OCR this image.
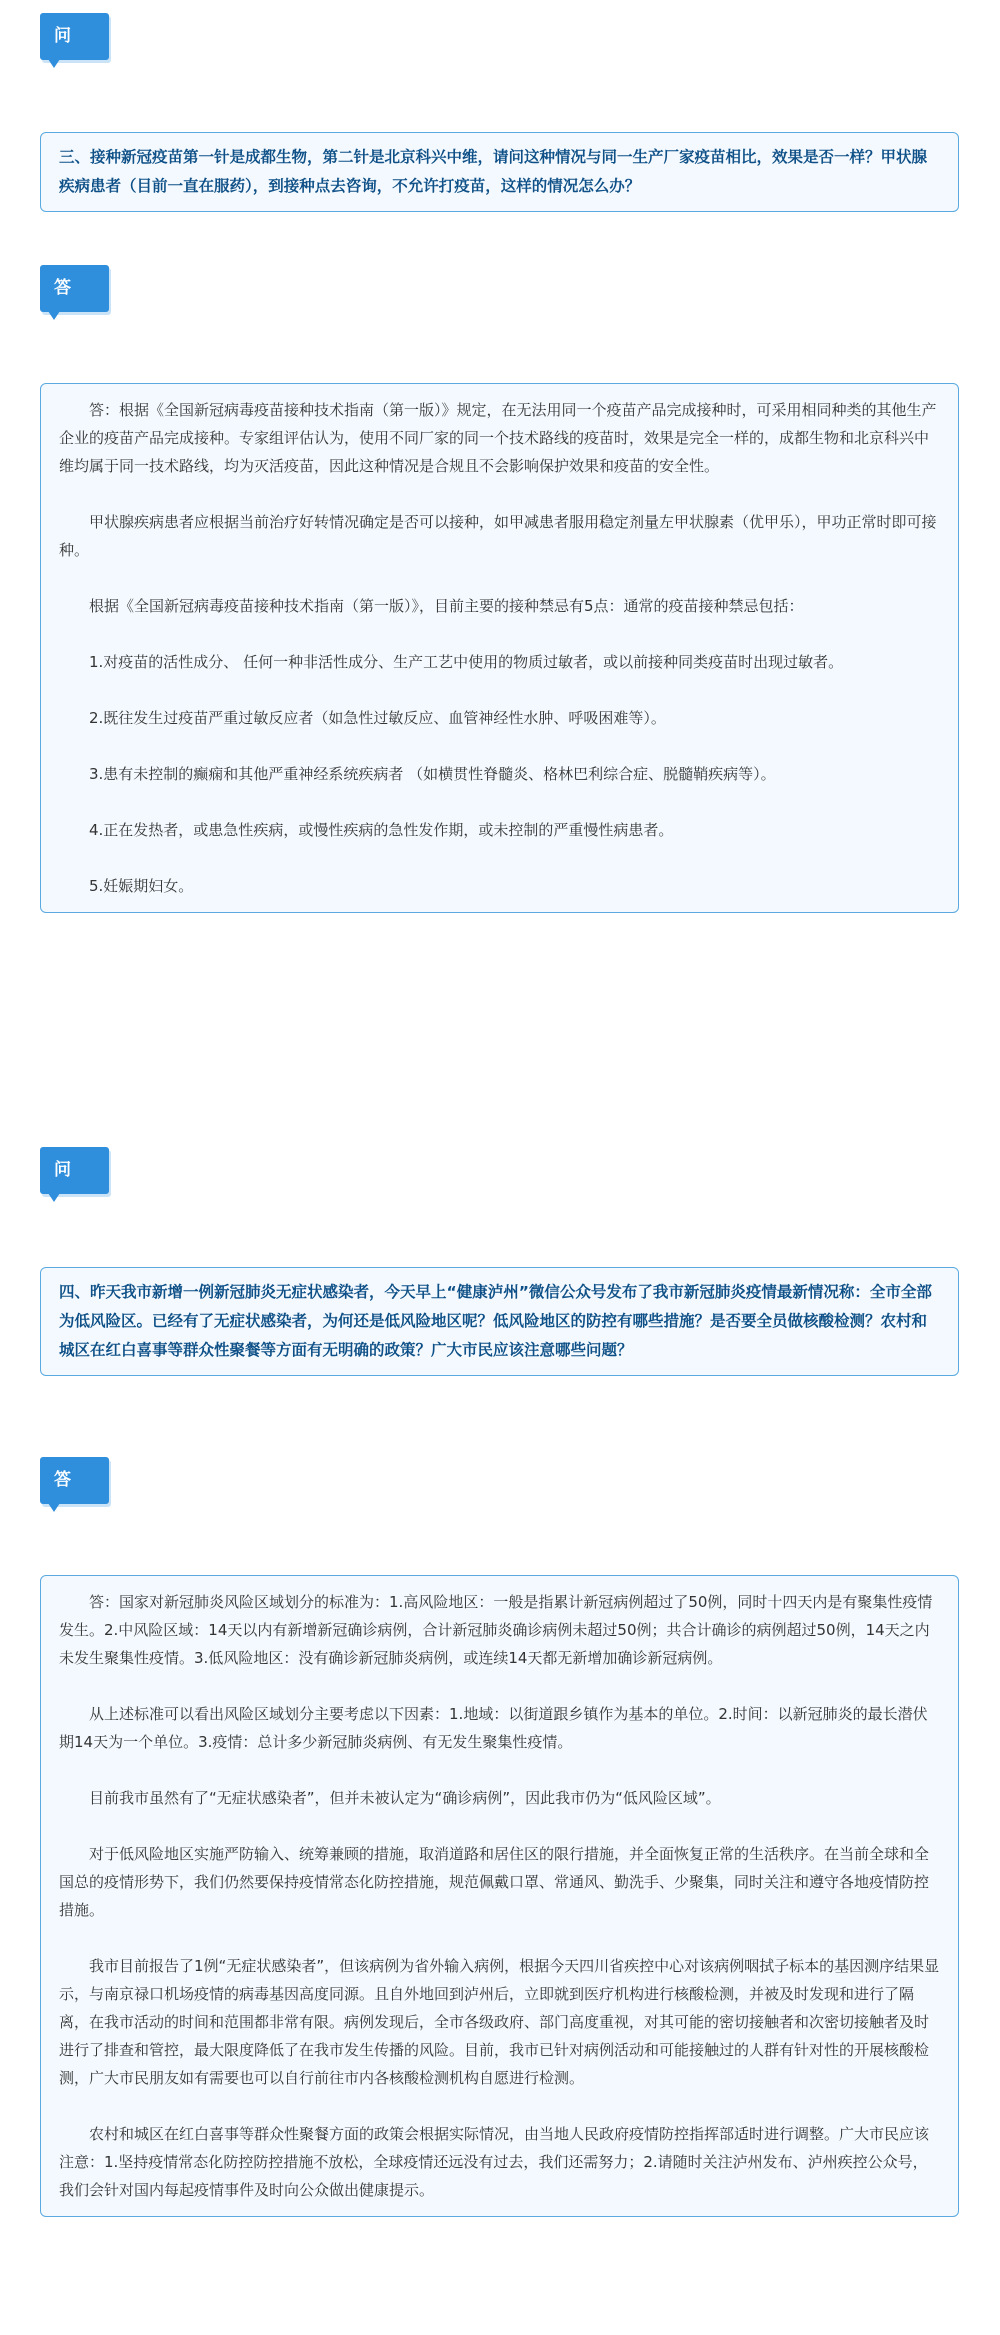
问
三、接种新冠疫苗第一针是成都生物，第二针是北京科兴中维，请问这种情况与同一生产厂家疫苗相比，效果是否一样？甲状腺疾病患者（目前一直在服药），到接种点去咨询，不允许打疫苗，这样的情况怎么办？
答

答：根据《全国新冠病毒疫苗接种技术指南（第一版）》规定，在无法用同一个疫苗产品完成接种时，可采用相同种类的其他生产企业的疫苗产品完成接种。专家组评估认为，使用不同厂家的同一个技术路线的疫苗时，效果是完全一样的，成都生物和北京科兴中维均属于同一技术路线，均为灭活疫苗，因此这种情况是合规且不会影响保护效果和疫苗的安全性。

甲状腺疾病患者应根据当前治疗好转情况确定是否可以接种，如甲减患者服用稳定剂量左甲状腺素（优甲乐），甲功正常时即可接种。

根据《全国新冠病毒疫苗接种技术指南（第一版）》，目前主要的接种禁忌有5点：通常的疫苗接种禁忌包括：

1.对疫苗的活性成分、 任何一种非活性成分、生产工艺中使用的物质过敏者，或以前接种同类疫苗时出现过敏者。

2.既往发生过疫苗严重过敏反应者（如急性过敏反应、血管神经性水肿、呼吸困难等）。

3.患有未控制的癫痫和其他严重神经系统疾病者 （如横贯性脊髓炎、格林巴利综合症、脱髓鞘疾病等）。

4.正在发热者，或患急性疾病，或慢性疾病的急性发作期，或未控制的严重慢性病患者。

5.妊娠期妇女。

问
四、昨天我市新增一例新冠肺炎无症状感染者，今天早上“健康泸州”微信公众号发布了我市新冠肺炎疫情最新情况称：全市全部为低风险区。已经有了无症状感染者，为何还是低风险地区呢？低风险地区的防控有哪些措施？是否要全员做核酸检测？农村和城区在红白喜事等群众性聚餐等方面有无明确的政策？广大市民应该注意哪些问题？
答

答：国家对新冠肺炎风险区域划分的标准为：1.高风险地区：一般是指累计新冠病例超过了50例，同时十四天内是有聚集性疫情发生。2.中风险区域：14天以内有新增新冠确诊病例，合计新冠肺炎确诊病例未超过50例；共合计确诊的病例超过50例，14天之内未发生聚集性疫情。3.低风险地区：没有确诊新冠肺炎病例，或连续14天都无新增加确诊新冠病例。

从上述标准可以看出风险区域划分主要考虑以下因素：1.地域：以街道跟乡镇作为基本的单位。2.时间：以新冠肺炎的最长潜伏期14天为一个单位。3.疫情：总计多少新冠肺炎病例、有无发生聚集性疫情。

目前我市虽然有了“无症状感染者”，但并未被认定为“确诊病例”，因此我市仍为“低风险区域”。

对于低风险地区实施严防输入、统筹兼顾的措施，取消道路和居住区的限行措施，并全面恢复正常的生活秩序。在当前全球和全国总的疫情形势下，我们仍然要保持疫情常态化防控措施，规范佩戴口罩、常通风、勤洗手、少聚集，同时关注和遵守各地疫情防控措施。

我市目前报告了1例“无症状感染者”，但该病例为省外输入病例，根据今天四川省疾控中心对该病例咽拭子标本的基因测序结果显示，与南京禄口机场疫情的病毒基因高度同源。且自外地回到泸州后，立即就到医疗机构进行核酸检测，并被及时发现和进行了隔离，在我市活动的时间和范围都非常有限。病例发现后，全市各级政府、部门高度重视，对其可能的密切接触者和次密切接触者及时进行了排查和管控，最大限度降低了在我市发生传播的风险。目前，我市已针对病例活动和可能接触过的人群有针对性的开展核酸检测，广大市民朋友如有需要也可以自行前往市内各核酸检测机构自愿进行检测。

农村和城区在红白喜事等群众性聚餐方面的政策会根据实际情况，由当地人民政府疫情防控指挥部适时进行调整。广大市民应该注意：1.坚持疫情常态化防控防控措施不放松，全球疫情还远没有过去，我们还需努力；2.请随时关注泸州发布、泸州疾控公众号，我们会针对国内每起疫情事件及时向公众做出健康提示。
